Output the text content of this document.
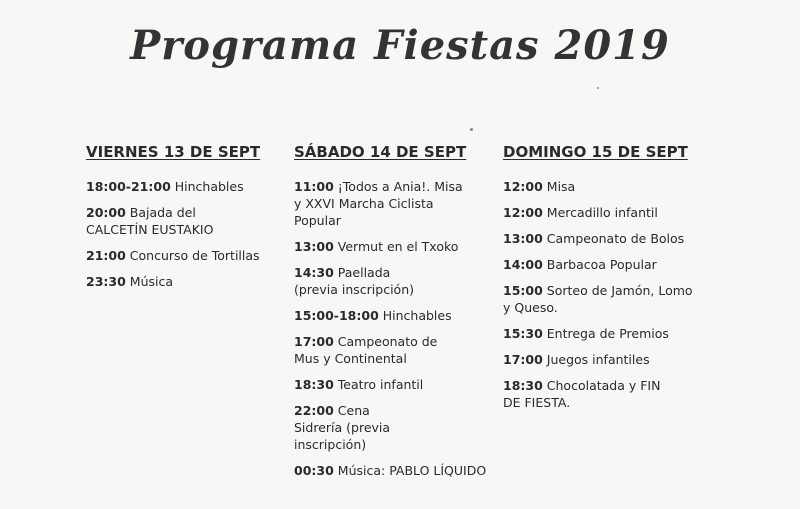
Programa Fiestas 2019
VIERNES 13 DE SEPT
18:00-21:00 Hinchables
20:00 Bajada del CALCETÍN EUSTAKIO
21:00 Concurso de Tortillas
23:30 Música
SÁBADO 14 DE SEPT
11:00 ¡Todos a Ania!. Misa y XXVI Marcha Ciclista Popular
13:00 Vermut en el Txoko
14:30 Paellada (previa inscripción)
15:00-18:00 Hinchables
17:00 Campeonato de Mus y Continental
18:30 Teatro infantil
22:00 Cena Sidrería (previa inscripción)
00:30 Música: PABLO LÍQUIDO
DOMINGO 15 DE SEPT
12:00 Misa
12:00 Mercadillo infantil
13:00 Campeonato de Bolos
14:00 Barbacoa Popular
15:00 Sorteo de Jamón, Lomo y Queso.
15:30 Entrega de Premios
17:00 Juegos infantiles
18:30 Chocolatada y FIN DE FIESTA.
